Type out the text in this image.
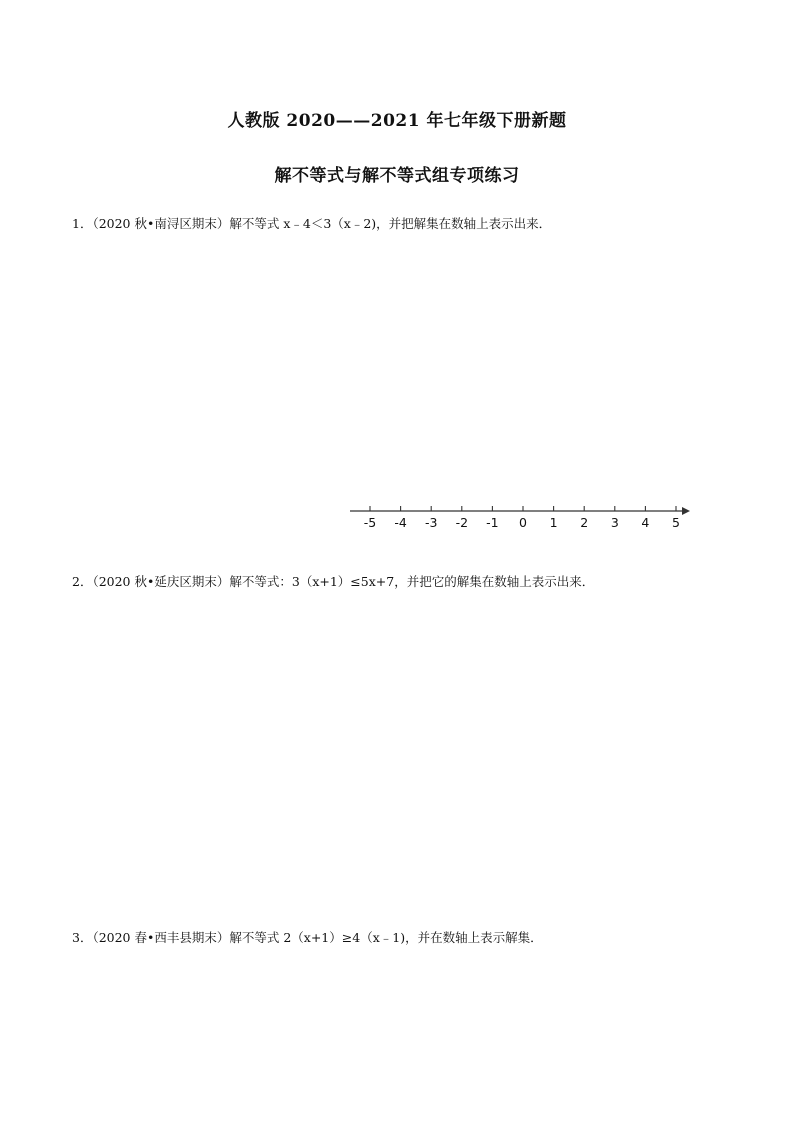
人教版 2020——2021 年七年级下册新题
解不等式与解不等式组专项练习
1．（2020 秋•南浔区期末）解不等式 x﹣4＜3（x﹣2)，并把解集在数轴上表示出来．
-5 -4 -3 -2 -1 0 1 2 3 4 5
2．（2020 秋•延庆区期末）解不等式：3（x+1）≤5x+7，并把它的解集在数轴上表示出来．
3．（2020 春•西丰县期末）解不等式 2（x+1）≥4（x﹣1)，并在数轴上表示解集．
